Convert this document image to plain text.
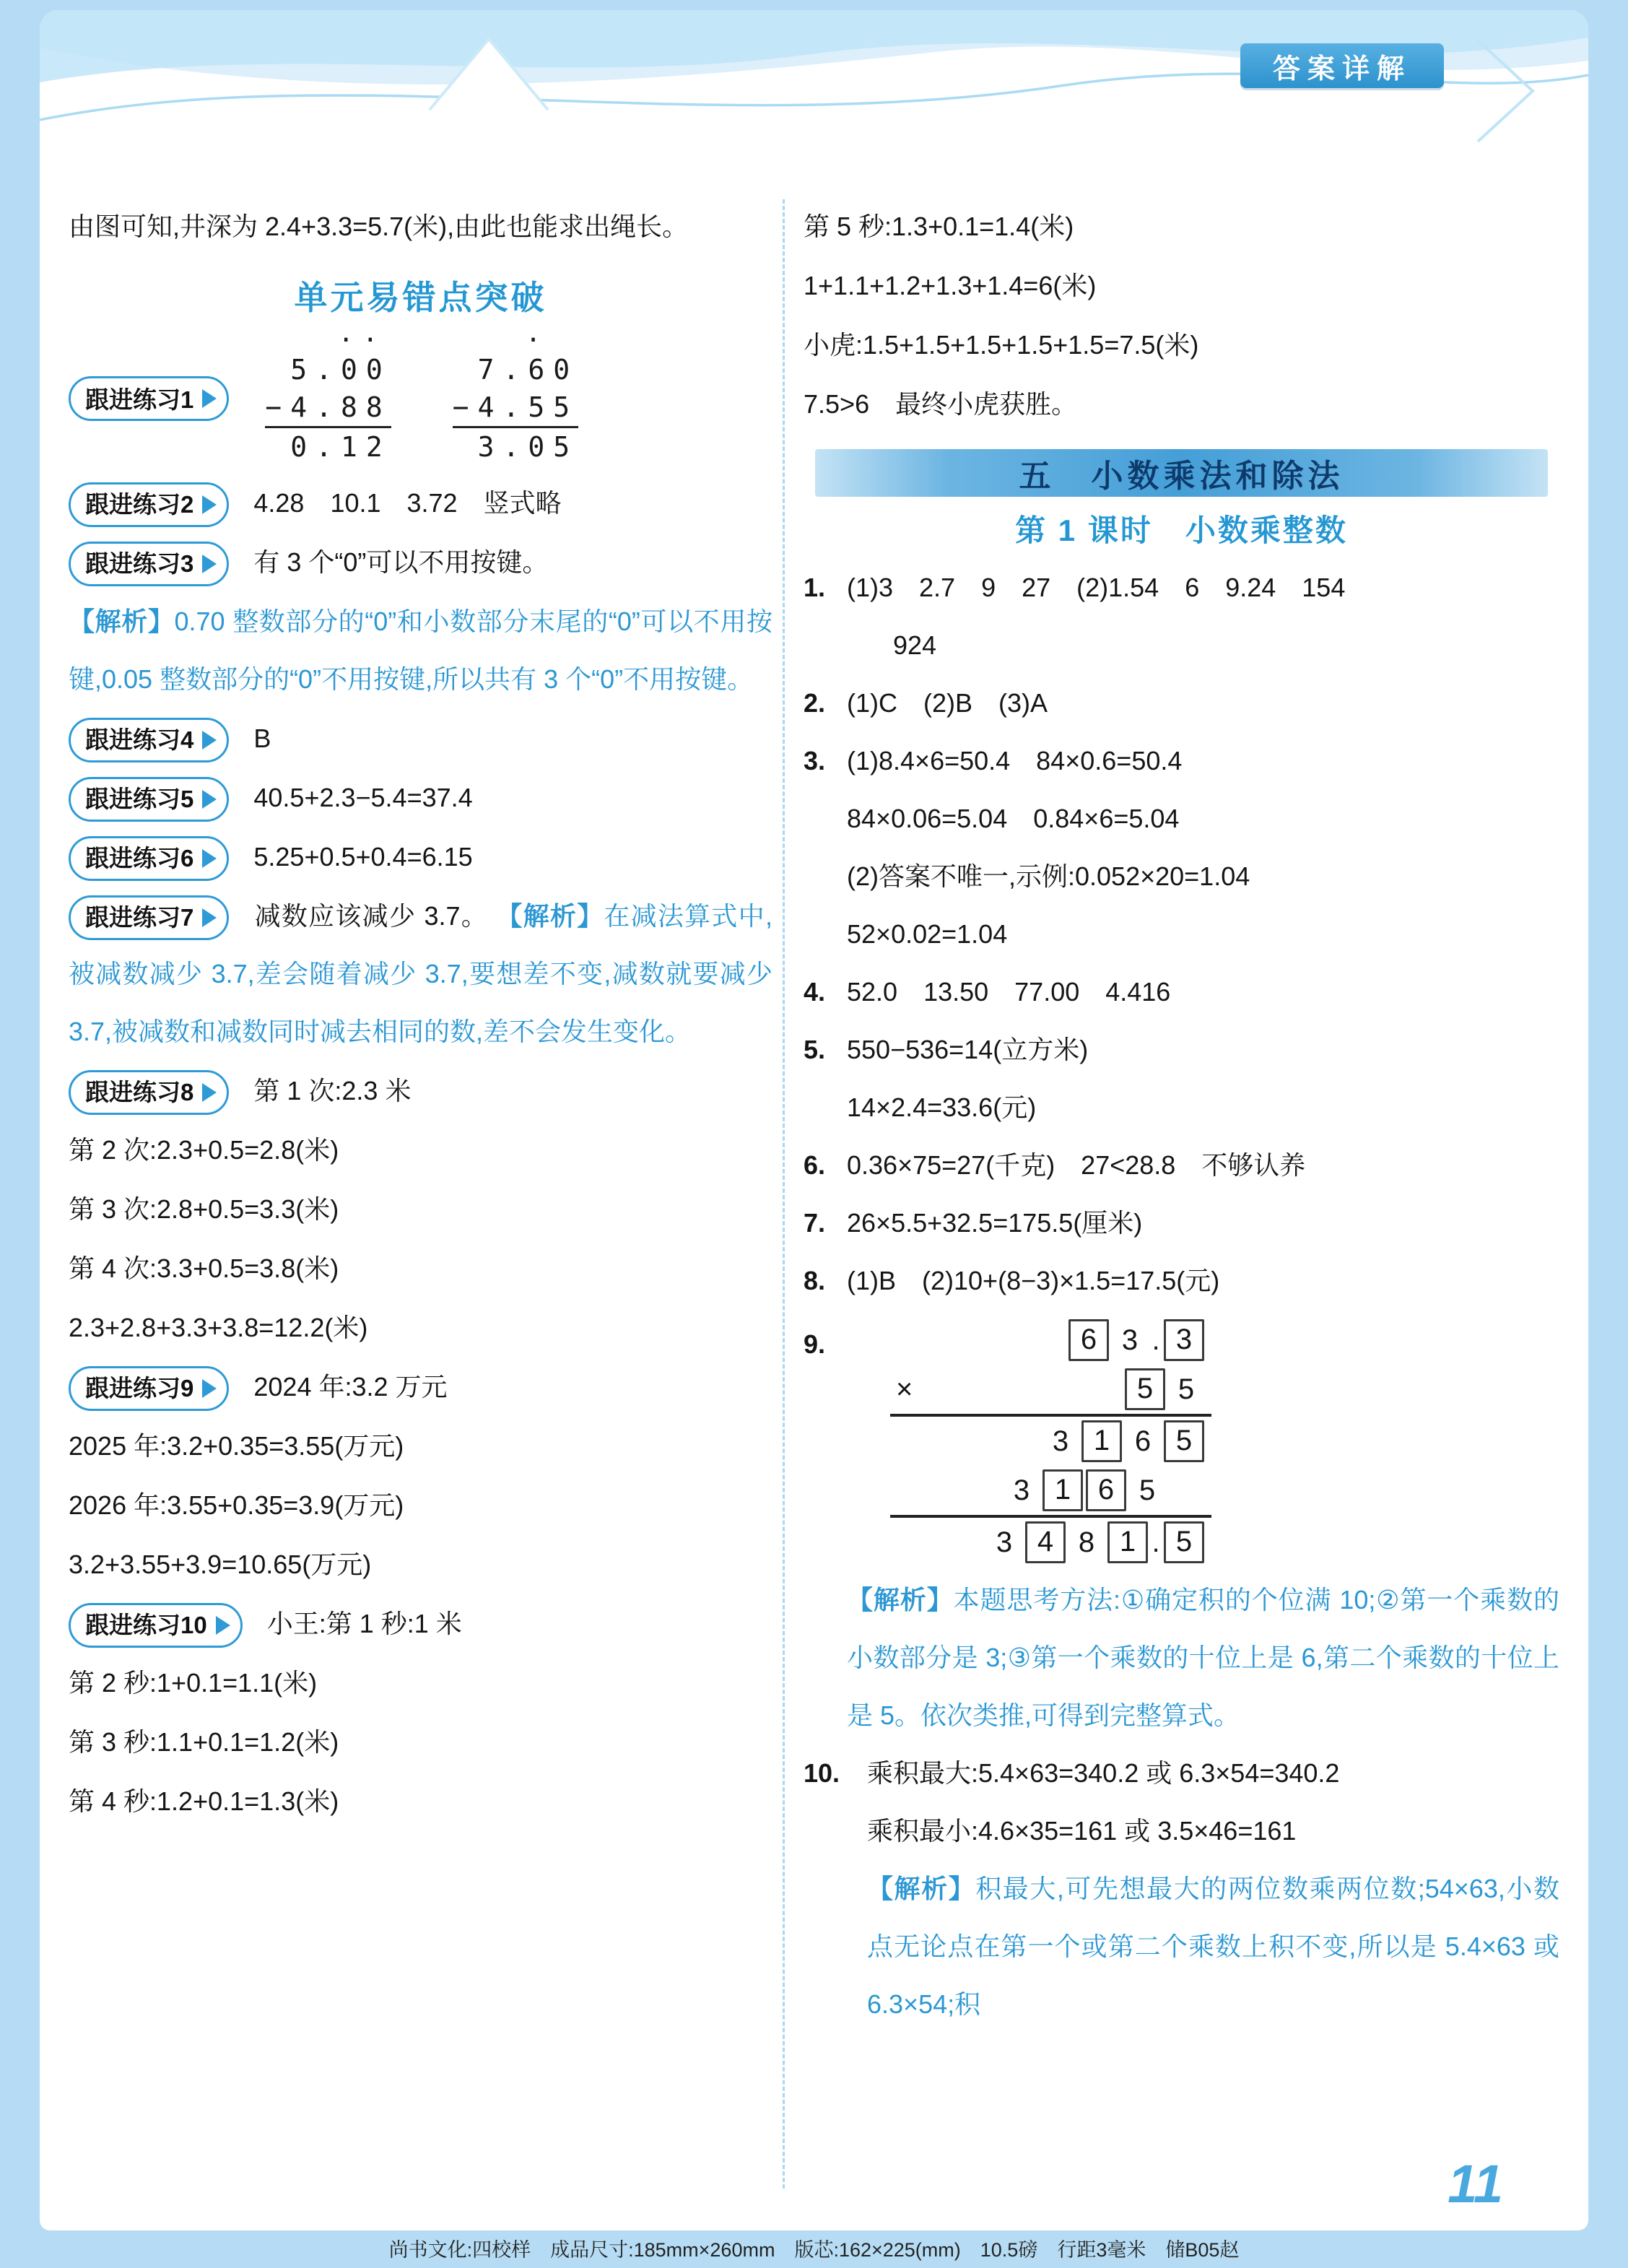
答案详解

由图可知,井深为 2.4+3.3=5.7(米),由此也能求出绳长。

单元易错点突破
跟进练习1
··
5.00
−4.88
0.12
·
7.60
−4.55
3.05

跟进练习2 4.28　10.1　3.72　竖式略

跟进练习3 有 3 个“0”可以不用按键。

【解析】0.70 整数部分的“0”和小数部分末尾的“0”可以不用按键,0.05 整数部分的“0”不用按键,所以共有 3 个“0”不用按键。

跟进练习4 B

跟进练习5 40.5+2.3−5.4=37.4

跟进练习6 5.25+0.5+0.4=6.15

跟进练习7 减数应该减少 3.7。 【解析】在减法算式中,被减数减少 3.7,差会随着减少 3.7,要想差不变,减数就要减少 3.7,被减数和减数同时减去相同的数,差不会发生变化。

跟进练习8 第 1 次:2.3 米

第 2 次:2.3+0.5=2.8(米)

第 3 次:2.8+0.5=3.3(米)

第 4 次:3.3+0.5=3.8(米)

2.3+2.8+3.3+3.8=12.2(米)

跟进练习9 2024 年:3.2 万元

2025 年:3.2+0.35=3.55(万元)

2026 年:3.55+0.35=3.9(万元)

3.2+3.55+3.9=10.65(万元)

跟进练习10 小王:第 1 秒:1 米

第 2 秒:1+0.1=1.1(米)

第 3 秒:1.1+0.1=1.2(米)

第 4 秒:1.2+0.1=1.3(米)

第 5 秒:1.3+0.1=1.4(米)

1+1.1+1.2+1.3+1.4=6(米)

小虎:1.5+1.5+1.5+1.5+1.5=7.5(米)

7.5>6　最终小虎获胜。

五　小数乘法和除法
第 1 课时　小数乘整数
1. (1)3　2.7　9　27　(2)1.54　6　9.24　154
924
2. (1)C　(2)B　(3)A
3. (1)8.4×6=50.4　84×0.6=50.4
84×0.06=5.04　0.84×6=5.04
(2)答案不唯一,示例:0.052×20=1.04
52×0.02=1.04
4. 52.0　13.50　77.00　4.416
5. 550−536=14(立方米)
14×2.4=33.6(元)
6. 0.36×75=27(千克)　27<28.8　不够认养
7. 26×5.5+32.5=175.5(厘米)
8. (1)B　(2)10+(8−3)×1.5=17.5(元)
9.	6 3 . 3
×	5 5
3 1 6 5
3 1 6 5
3 4 8 1 . 5

【解析】本题思考方法:①确定积的个位满 10;②第一个乘数的小数部分是 3;③第一个乘数的十位上是 6,第二个乘数的十位上是 5。依次类推,可得到完整算式。

10. 乘积最大:5.4×63=340.2 或 6.3×54=340.2
乘积最小:4.6×35=161 或 3.5×46=161

【解析】积最大,可先想最大的两位数乘两位数;54×63,小数点无论点在第一个或第二个乘数上积不变,所以是 5.4×63 或 6.3×54;积

11
尚书文化:四校样　成品尺寸:185mm×260mm　版芯:162×225(mm)　10.5磅　行距3毫米　储B05赵
